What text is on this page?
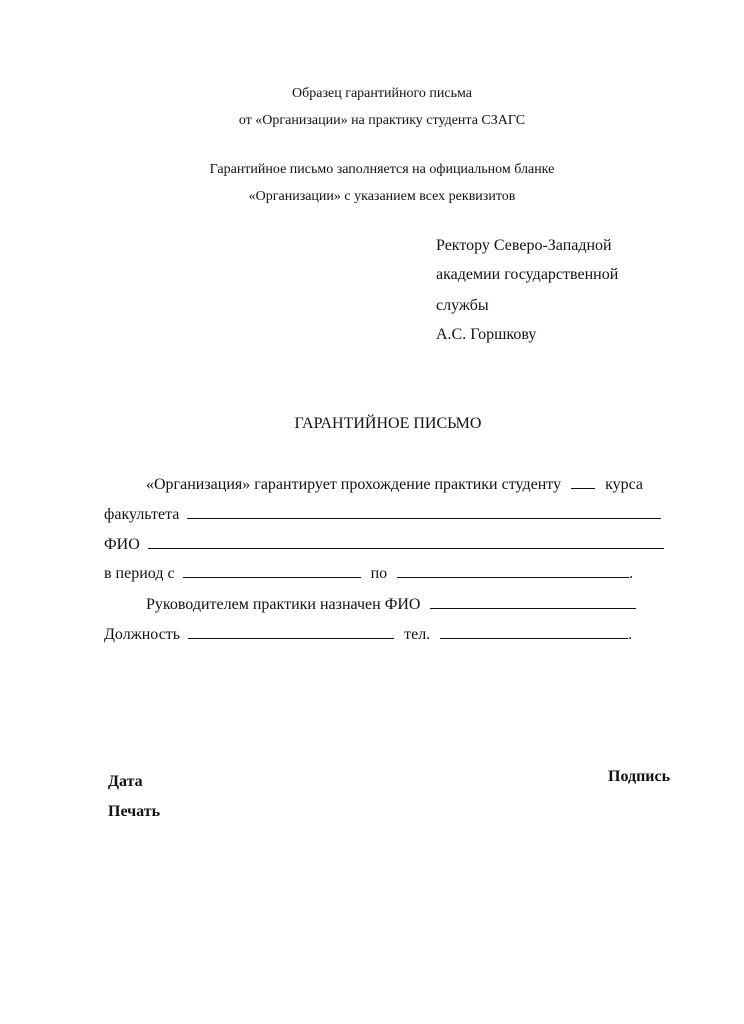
Образец гарантийного письма
от «Организации» на практику студента СЗАГС
Гарантийное письмо заполняется на официальном бланке
«Организации» с указанием всех реквизитов
Ректору Северо-Западной
академии государственной
службы
А.С. Горшкову
ГАРАНТИЙНОЕ ПИСЬМО
«Организация» гарантирует прохождение практики студенту	курса
факультета
ФИО
в период с	по	.
Руководителем практики назначен ФИО
Должность	тел.	.
Дата
Печать
Подпись
